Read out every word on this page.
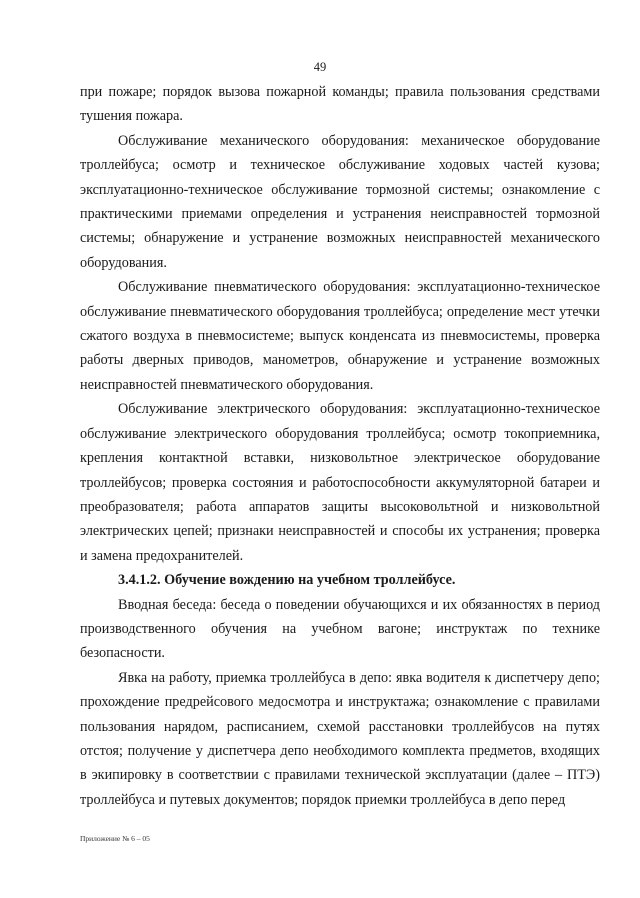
49

при пожаре; порядок вызова пожарной команды; правила пользования средствами тушения пожара.

Обслуживание механического оборудования: механическое оборудование троллейбуса; осмотр и техническое обслуживание ходовых частей кузова; эксплуатационно-техническое обслуживание тормозной системы; ознакомление с практическими приемами определения и устранения неисправностей тормозной системы; обнаружение и устранение возможных неисправностей механического оборудования.

Обслуживание пневматического оборудования: эксплуатационно-техническое обслуживание пневматического оборудования троллейбуса; определение мест утечки сжатого воздуха в пневмосистеме; выпуск конденсата из пневмосистемы, проверка работы дверных приводов, манометров, обнаружение и устранение возможных неисправностей пневматического оборудования.

Обслуживание электрического оборудования: эксплуатационно-техническое обслуживание электрического оборудования троллейбуса; осмотр токоприемника, крепления контактной вставки, низковольтное электрическое оборудование троллейбусов; проверка состояния и работоспособности аккумуляторной батареи и преобразователя; работа аппаратов защиты высоковольтной и низковольтной электрических цепей; признаки неисправностей и способы их устранения; проверка и замена предохранителей.

3.4.1.2. Обучение вождению на учебном троллейбусе.

Вводная беседа: беседа о поведении обучающихся и их обязанностях в период производственного обучения на учебном вагоне; инструктаж по технике безопасности.

Явка на работу, приемка троллейбуса в депо: явка водителя к диспетчеру депо; прохождение предрейсового медосмотра и инструктажа; ознакомление с правилами пользования нарядом, расписанием, схемой расстановки троллейбусов на путях отстоя; получение у диспетчера депо необходимого комплекта предметов, входящих в экипировку в соответствии с правилами технической эксплуатации (далее – ПТЭ) троллейбуса и путевых документов; порядок приемки троллейбуса в депо перед

Приложение № 6 – 05
